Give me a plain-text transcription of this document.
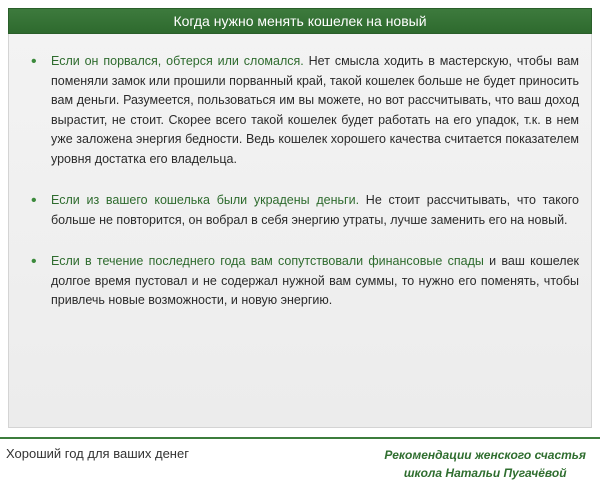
Когда нужно менять кошелек на новый
• Если он порвался, обтерся или сломался. Нет смысла ходить в мастерскую, чтобы вам поменяли замок или прошили порванный край, такой кошелек больше не будет приносить вам деньги. Разумеется, пользоваться им вы можете, но вот рассчитывать, что ваш доход вырастит, не стоит. Скорее всего такой кошелек будет работать на его упадок, т.к. в нем уже заложена энергия бедности. Ведь кошелек хорошего качества считается показателем уровня достатка его владельца.
• Если из вашего кошелька были украдены деньги. Не стоит рассчитывать, что такого больше не повторится, он вобрал в себя энергию утраты, лучше заменить его на новый.
• Если в течение последнего года вам сопутствовали финансовые спады и ваш кошелек долгое время пустовал и не содержал нужной вам суммы, то нужно его поменять, чтобы привлечь новые возможности, и новую энергию.
Хороший год для ваших денег	Рекомендации женского счастья
школа Натальи Пугачёвой
